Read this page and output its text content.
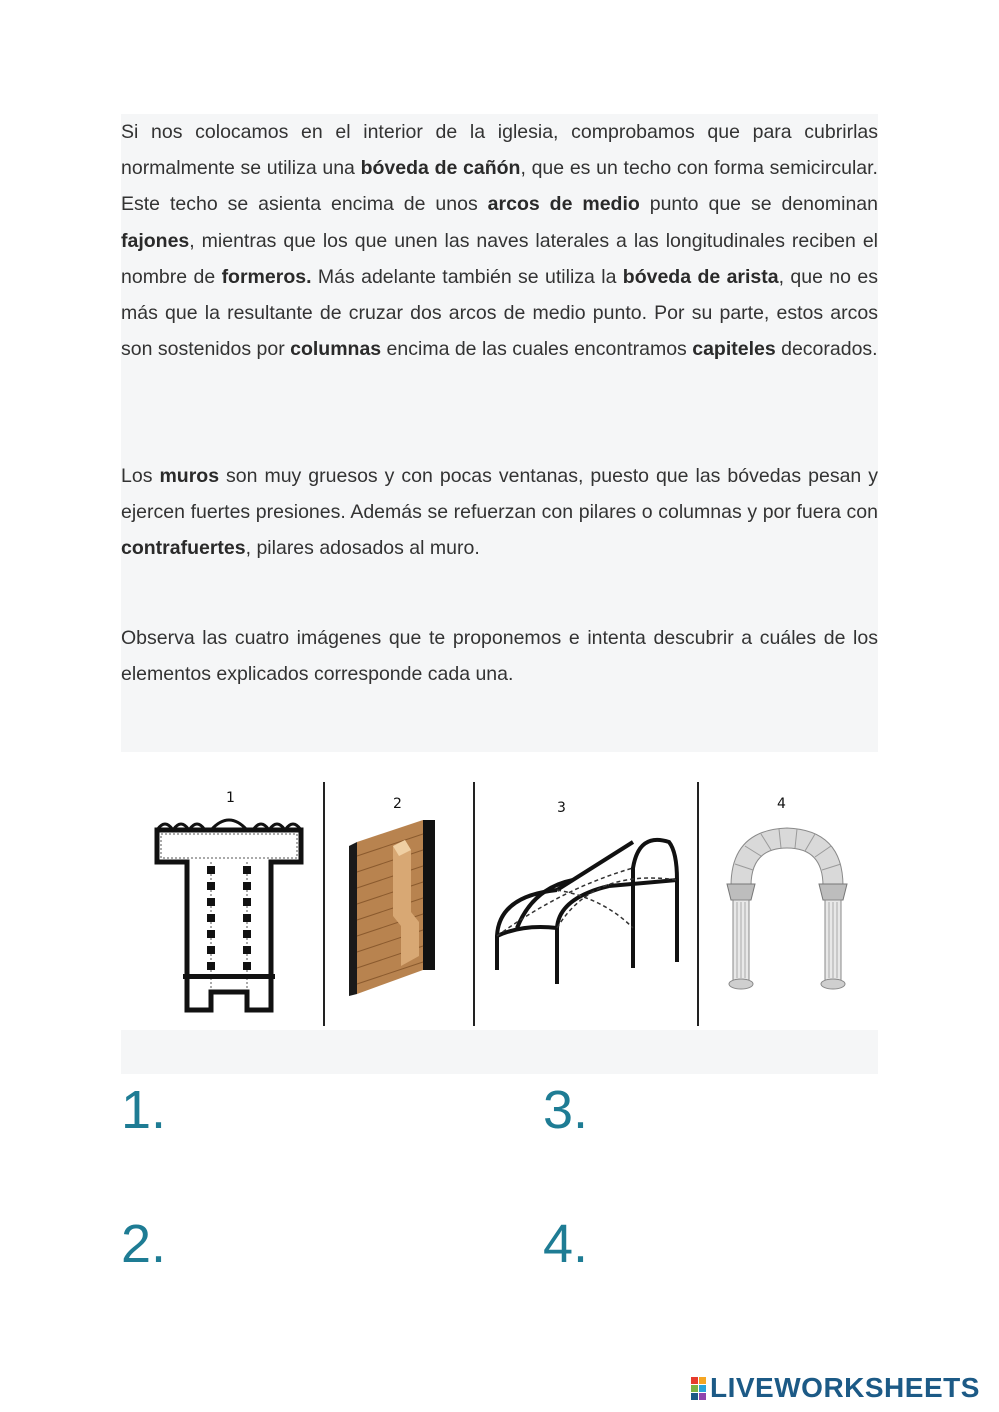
Si nos colocamos en el interior de la iglesia, comprobamos que para cubrirlas normalmente se utiliza una bóveda de cañón, que es un techo con forma semicircular. Este techo se asienta encima de unos arcos de medio punto que se denominan fajones, mientras que los que unen las naves laterales a las longitudinales reciben el nombre de formeros. Más adelante también se utiliza la bóveda de arista, que no es más que la resultante de cruzar dos arcos de medio punto. Por su parte, estos arcos son sostenidos por columnas encima de las cuales encontramos capiteles decorados.

Los muros son muy gruesos y con pocas ventanas, puesto que las bóvedas pesan y ejercen fuertes presiones. Además se refuerzan con pilares o columnas y por fuera con contrafuertes, pilares adosados al muro.

Observa las cuatro imágenes que te proponemos e intenta descubrir a cuáles de los elementos explicados corresponde cada una.

1	2	3	4
1.	3.
2.	4.
LIVEWORKSHEETS
